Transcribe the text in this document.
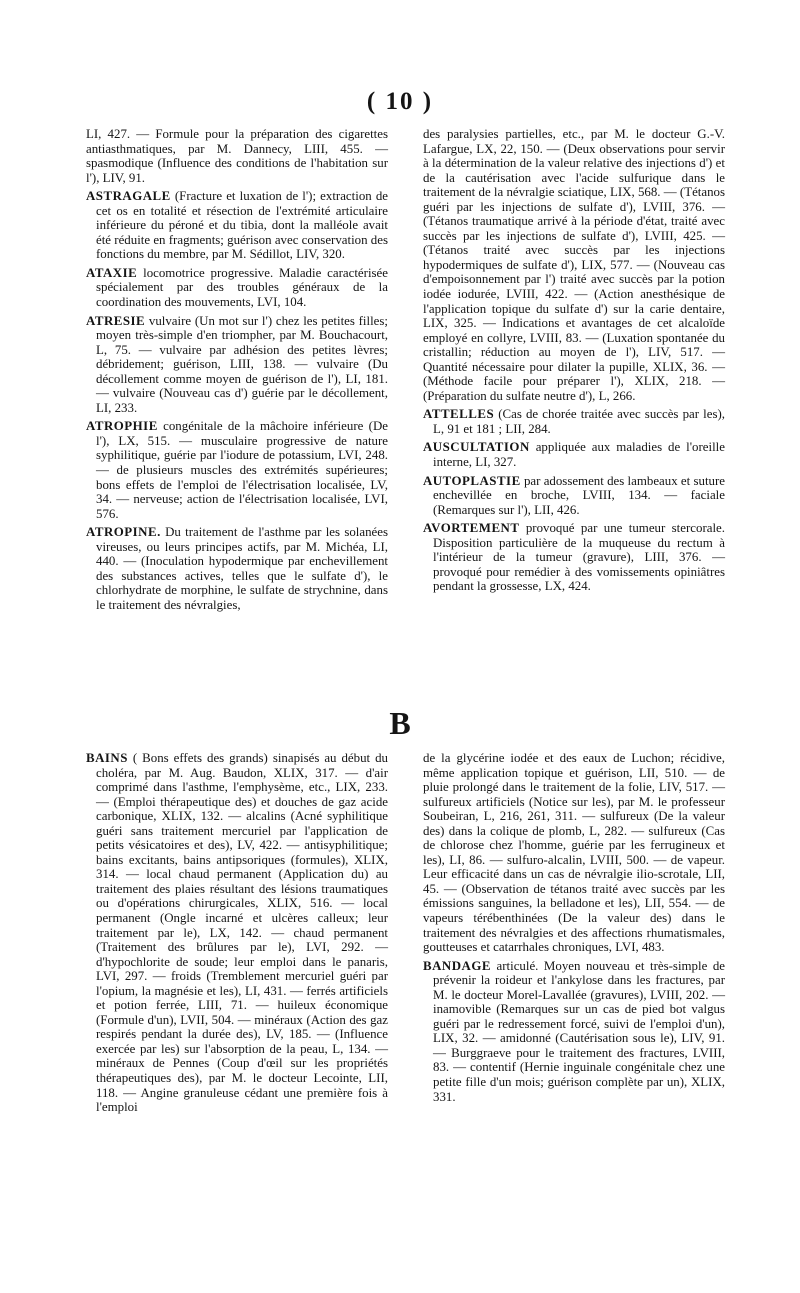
( 10 )

LI, 427. — Formule pour la préparation des cigarettes antiasthmatiques, par M. Dannecy, LIII, 455. — spasmodique (Influence des conditions de l'habitation sur l'), LIV, 91.

ASTRAGALE (Fracture et luxation de l'); extraction de cet os en totalité et résection de l'extrémité articulaire inférieure du péroné et du tibia, dont la malléole avait été réduite en fragments; guérison avec conservation des fonctions du membre, par M. Sédillot, LIV, 320.

ATAXIE locomotrice progressive. Maladie caractérisée spécialement par des troubles généraux de la coordination des mouvements, LVI, 104.

ATRESIE vulvaire (Un mot sur l') chez les petites filles; moyen très-simple d'en triompher, par M. Bouchacourt, L, 75. — vulvaire par adhésion des petites lèvres; débridement; guérison, LIII, 138. — vulvaire (Du décollement comme moyen de guérison de l'), LI, 181. — vulvaire (Nouveau cas d') guérie par le décollement, LI, 233.

ATROPHIE congénitale de la mâchoire inférieure (De l'), LX, 515. — musculaire progressive de nature syphilitique, guérie par l'iodure de potassium, LVI, 248. — de plusieurs muscles des extrémités supérieures; bons effets de l'emploi de l'électrisation localisée, LV, 34. — nerveuse; action de l'électrisation localisée, LVI, 576.

ATROPINE. Du traitement de l'asthme par les solanées vireuses, ou leurs principes actifs, par M. Michéa, LI, 440. — (Inoculation hypodermique par enchevillement des substances actives, telles que le sulfate d'), le chlorhydrate de morphine, le sulfate de strychnine, dans le traitement des névralgies,

des paralysies partielles, etc., par M. le docteur G.-V. Lafargue, LX, 22, 150. — (Deux observations pour servir à la détermination de la valeur relative des injections d') et de la cautérisation avec l'acide sulfurique dans le traitement de la névralgie sciatique, LIX, 568. — (Tétanos guéri par les injections de sulfate d'), LVIII, 376. — (Tétanos traumatique arrivé à la période d'état, traité avec succès par les injections de sulfate d'), LVIII, 425. — (Tétanos traité avec succès par les injections hypodermiques de sulfate d'), LIX, 577. — (Nouveau cas d'empoisonnement par l') traité avec succès par la potion iodée iodurée, LVIII, 422. — (Action anesthésique de l'application topique du sulfate d') sur la carie dentaire, LIX, 325. — Indications et avantages de cet alcaloïde employé en collyre, LVIII, 83. — (Luxation spontanée du cristallin; réduction au moyen de l'), LIV, 517. — Quantité nécessaire pour dilater la pupille, XLIX, 36. — (Méthode facile pour préparer l'), XLIX, 218. — (Préparation du sulfate neutre d'), L, 266.

ATTELLES (Cas de chorée traitée avec succès par les), L, 91 et 181 ; LII, 284.

AUSCULTATION appliquée aux maladies de l'oreille interne, LI, 327.

AUTOPLASTIE par adossement des lambeaux et suture enchevillée en broche, LVIII, 134. — faciale (Remarques sur l'), LII, 426.

AVORTEMENT provoqué par une tumeur stercorale. Disposition particulière de la muqueuse du rectum à l'intérieur de la tumeur (gravure), LIII, 376. — provoqué pour remédier à des vomissements opiniâtres pendant la grossesse, LX, 424.

B

BAINS ( Bons effets des grands) sinapisés au début du choléra, par M. Aug. Baudon, XLIX, 317. — d'air comprimé dans l'asthme, l'emphysème, etc., LIX, 233. — (Emploi thérapeutique des) et douches de gaz acide carbonique, XLIX, 132. — alcalins (Acné syphilitique guéri sans traitement mercuriel par l'application de petits vésicatoires et des), LV, 422. — antisyphilitique; bains excitants, bains antipsoriques (formules), XLIX, 314. — local chaud permanent (Application du) au traitement des plaies résultant des lésions traumatiques ou d'opérations chirurgicales, XLIX, 516. — local permanent (Ongle incarné et ulcères calleux; leur traitement par le), LX, 142. — chaud permanent (Traitement des brûlures par le), LVI, 292. — d'hypochlorite de soude; leur emploi dans le panaris, LVI, 297. — froids (Tremblement mercuriel guéri par l'opium, la magnésie et les), LI, 431. — ferrés artificiels et potion ferrée, LIII, 71. — huileux économique (Formule d'un), LVII, 504. — minéraux (Action des gaz respirés pendant la durée des), LV, 185. — (Influence exercée par les) sur l'absorption de la peau, L, 134. — minéraux de Pennes (Coup d'œil sur les propriétés thérapeutiques des), par M. le docteur Lecointe, LII, 118. — Angine granuleuse cédant une première fois à l'emploi

de la glycérine iodée et des eaux de Luchon; récidive, même application topique et guérison, LII, 510. — de pluie prolongé dans le traitement de la folie, LIV, 517. — sulfureux artificiels (Notice sur les), par M. le professeur Soubeiran, L, 216, 261, 311. — sulfureux (De la valeur des) dans la colique de plomb, L, 282. — sulfureux (Cas de chlorose chez l'homme, guérie par les ferrugineux et les), LI, 86. — sulfuro-alcalin, LVIII, 500. — de vapeur. Leur efficacité dans un cas de névralgie ilio-scrotale, LII, 45. — (Observation de tétanos traité avec succès par les émissions sanguines, la belladone et les), LII, 554. — de vapeurs térébenthinées (De la valeur des) dans le traitement des névralgies et des affections rhumatismales, goutteuses et catarrhales chroniques, LVI, 483.

BANDAGE articulé. Moyen nouveau et très-simple de prévenir la roideur et l'ankylose dans les fractures, par M. le docteur Morel-Lavallée (gravures), LVIII, 202. — inamovible (Remarques sur un cas de pied bot valgus guéri par le redressement forcé, suivi de l'emploi d'un), LIX, 32. — amidonné (Cautérisation sous le), LIV, 91. — Burggraeve pour le traitement des fractures, LVIII, 83. — contentif (Hernie inguinale congénitale chez une petite fille d'un mois; guérison complète par un), XLIX, 331.
